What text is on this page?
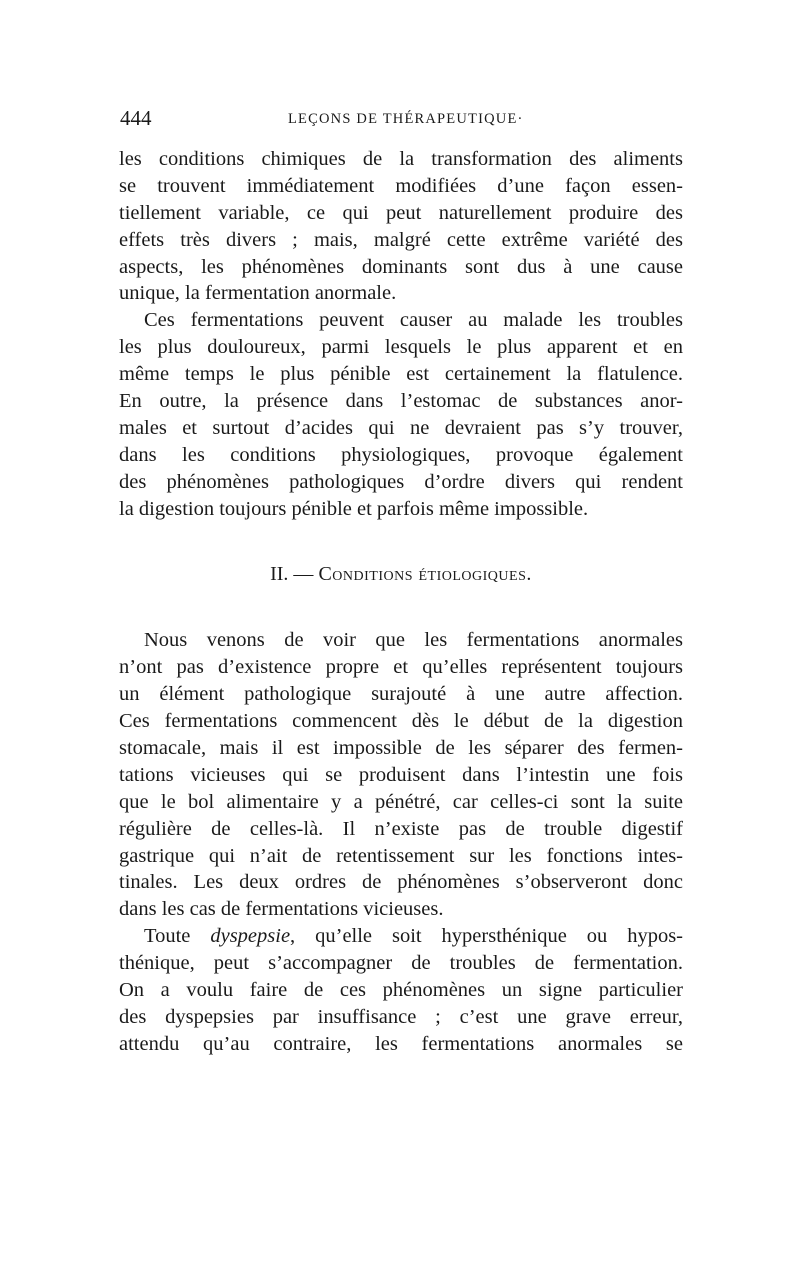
444	LEÇONS DE THÉRAPEUTIQUE·
les conditions chimiques de la transformation des aliments
se trouvent immédiatement modifiées d’une façon essen-
tiellement variable, ce qui peut naturellement produire des
effets très divers ; mais, malgré cette extrême variété des
aspects, les phénomènes dominants sont dus à une cause
unique, la fermentation anormale.
Ces fermentations peuvent causer au malade les troubles
les plus douloureux, parmi lesquels le plus apparent et en
même temps le plus pénible est certainement la flatulence.
En outre, la présence dans l’estomac de substances anor-
males et surtout d’acides qui ne devraient pas s’y trouver,
dans les conditions physiologiques, provoque également
des phénomènes pathologiques d’ordre divers qui rendent
la digestion toujours pénible et parfois même impossible.
II. — Conditions étiologiques.
Nous venons de voir que les fermentations anormales
n’ont pas d’existence propre et qu’elles représentent toujours
un élément pathologique surajouté à une autre affection.
Ces fermentations commencent dès le début de la digestion
stomacale, mais il est impossible de les séparer des fermen-
tations vicieuses qui se produisent dans l’intestin une fois
que le bol alimentaire y a pénétré, car celles-ci sont la suite
régulière de celles-là. Il n’existe pas de trouble digestif
gastrique qui n’ait de retentissement sur les fonctions intes-
tinales. Les deux ordres de phénomènes s’observeront donc
dans les cas de fermentations vicieuses.
Toute dyspepsie, qu’elle soit hypersthénique ou hypos-
thénique, peut s’accompagner de troubles de fermentation.
On a voulu faire de ces phénomènes un signe particulier
des dyspepsies par insuffisance ; c’est une grave erreur,
attendu qu’au contraire, les fermentations anormales se
